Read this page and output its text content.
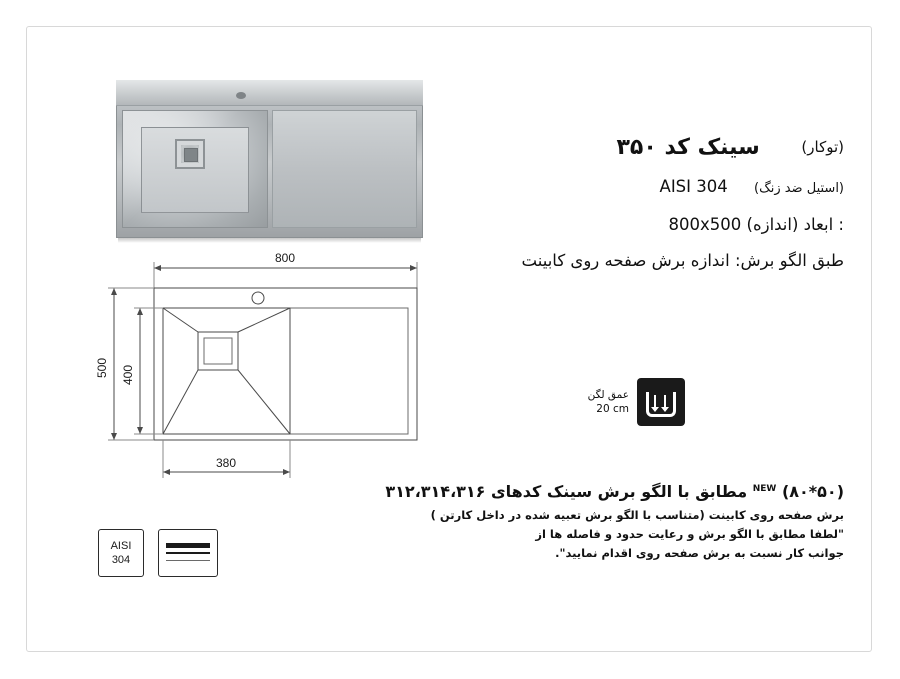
800
500 400
380
AISI
304
(توکار) سینک کد ۳۵۰
(استیل ضد زنگ)     AISI 304
: ابعاد (اندازه) 800x500
طبق الگو برش: اندازه برش صفحه روی کابینت
عمق لگن
20 cm
(۵۰*۸۰) $^{NEW}$ مطابق با الگو برش سینک کدهای ۳۱۲،۳۱۴،۳۱۶
برش صفحه روی کابینت (متناسب با الگو برش تعبیه شده در داخل کارتن )
"لطفا مطابق با الگو برش و رعایت حدود و فاصله ها از
جوانب کار نسبت به برش صفحه روی اقدام نمایید".
